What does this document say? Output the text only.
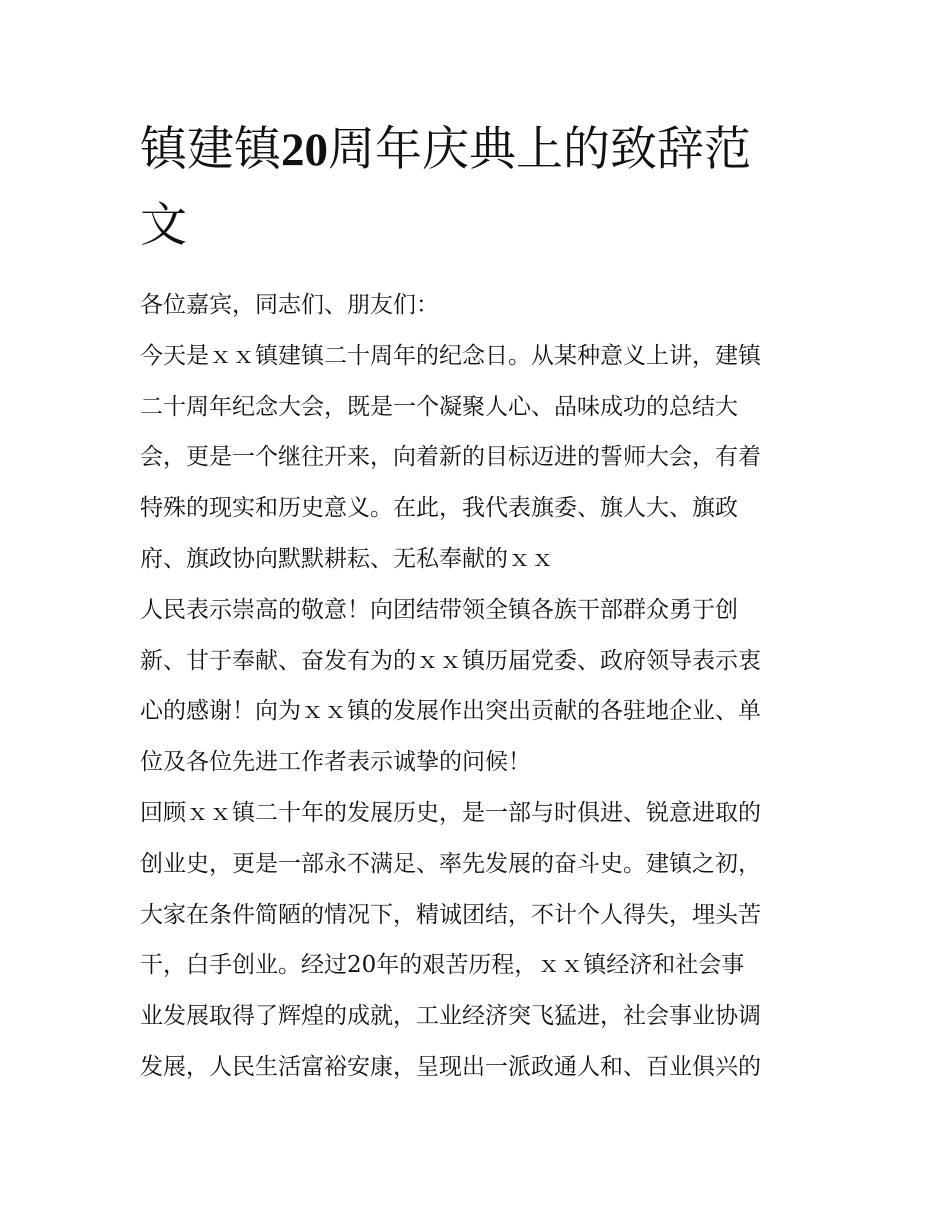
镇建镇20周年庆典上的致辞范
文
各位嘉宾，同志们、朋友们：
今天是ｘｘ镇建镇二十周年的纪念日。从某种意义上讲，建镇
二十周年纪念大会，既是一个凝聚人心、品味成功的总结大
会，更是一个继往开来，向着新的目标迈进的誓师大会，有着
特殊的现实和历史意义。在此，我代表旗委、旗人大、旗政
府、旗政协向默默耕耘、无私奉献的ｘｘ
人民表示崇高的敬意！向团结带领全镇各族干部群众勇于创
新、甘于奉献、奋发有为的ｘｘ镇历届党委、政府领导表示衷
心的感谢！向为ｘｘ镇的发展作出突出贡献的各驻地企业、单
位及各位先进工作者表示诚挚的问候！
回顾ｘｘ镇二十年的发展历史，是一部与时俱进、锐意进取的
创业史，更是一部永不满足、率先发展的奋斗史。建镇之初，
大家在条件简陋的情况下，精诚团结，不计个人得失，埋头苦
干，白手创业。经过20年的艰苦历程，ｘｘ镇经济和社会事
业发展取得了辉煌的成就，工业经济突飞猛进，社会事业协调
发展，人民生活富裕安康，呈现出一派政通人和、百业俱兴的
